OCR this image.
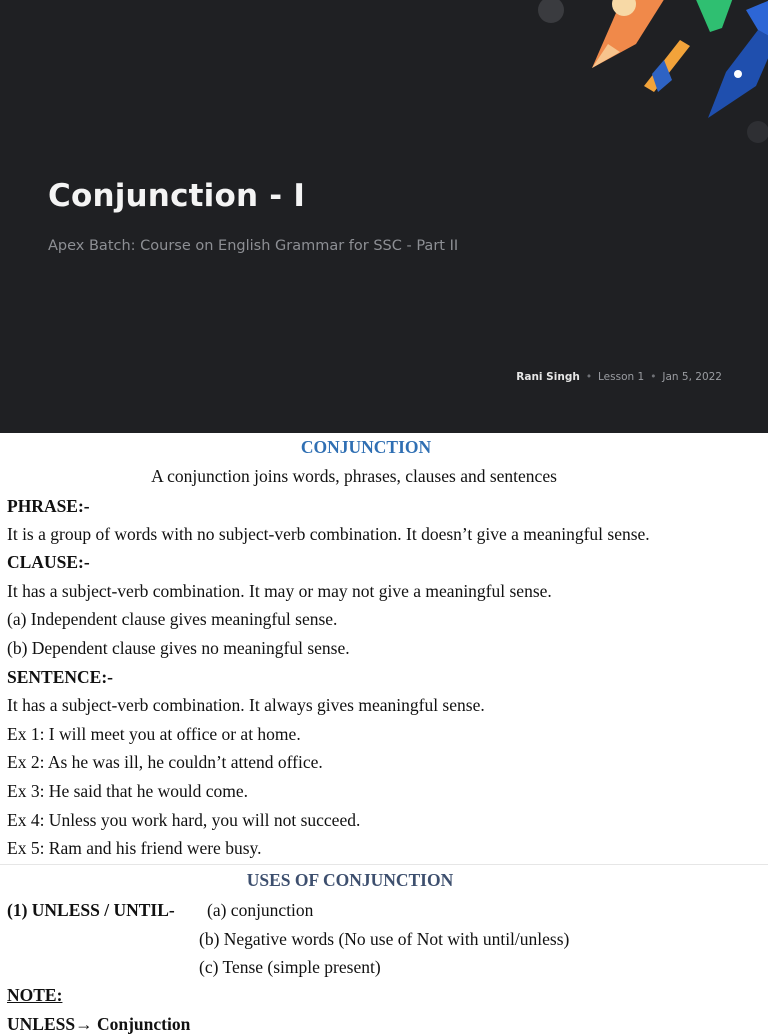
Conjunction - I
Apex Batch: Course on English Grammar for SSC - Part II
Rani Singh • Lesson 1 • Jan 5, 2022
CONJUNCTION
A conjunction joins words, phrases, clauses and sentences
PHRASE:-
It is a group of words with no subject-verb combination. It doesn’t give a meaningful sense.
CLAUSE:-
It has a subject-verb combination. It may or may not give a meaningful sense.
(a) Independent clause gives meaningful sense.
(b) Dependent clause gives no meaningful sense.
SENTENCE:-
It has a subject-verb combination. It always gives meaningful sense.
Ex 1: I will meet you at office or at home.
Ex 2: As he was ill, he couldn’t attend office.
Ex 3: He said that he would come.
Ex 4: Unless you work hard, you will not succeed.
Ex 5: Ram and his friend were busy.
USES OF CONJUNCTION
(1) UNLESS / UNTIL- (a) conjunction
(b) Negative words (No use of Not with until/unless)
(c) Tense (simple present)
NOTE:
UNLESS→ Conjunction
